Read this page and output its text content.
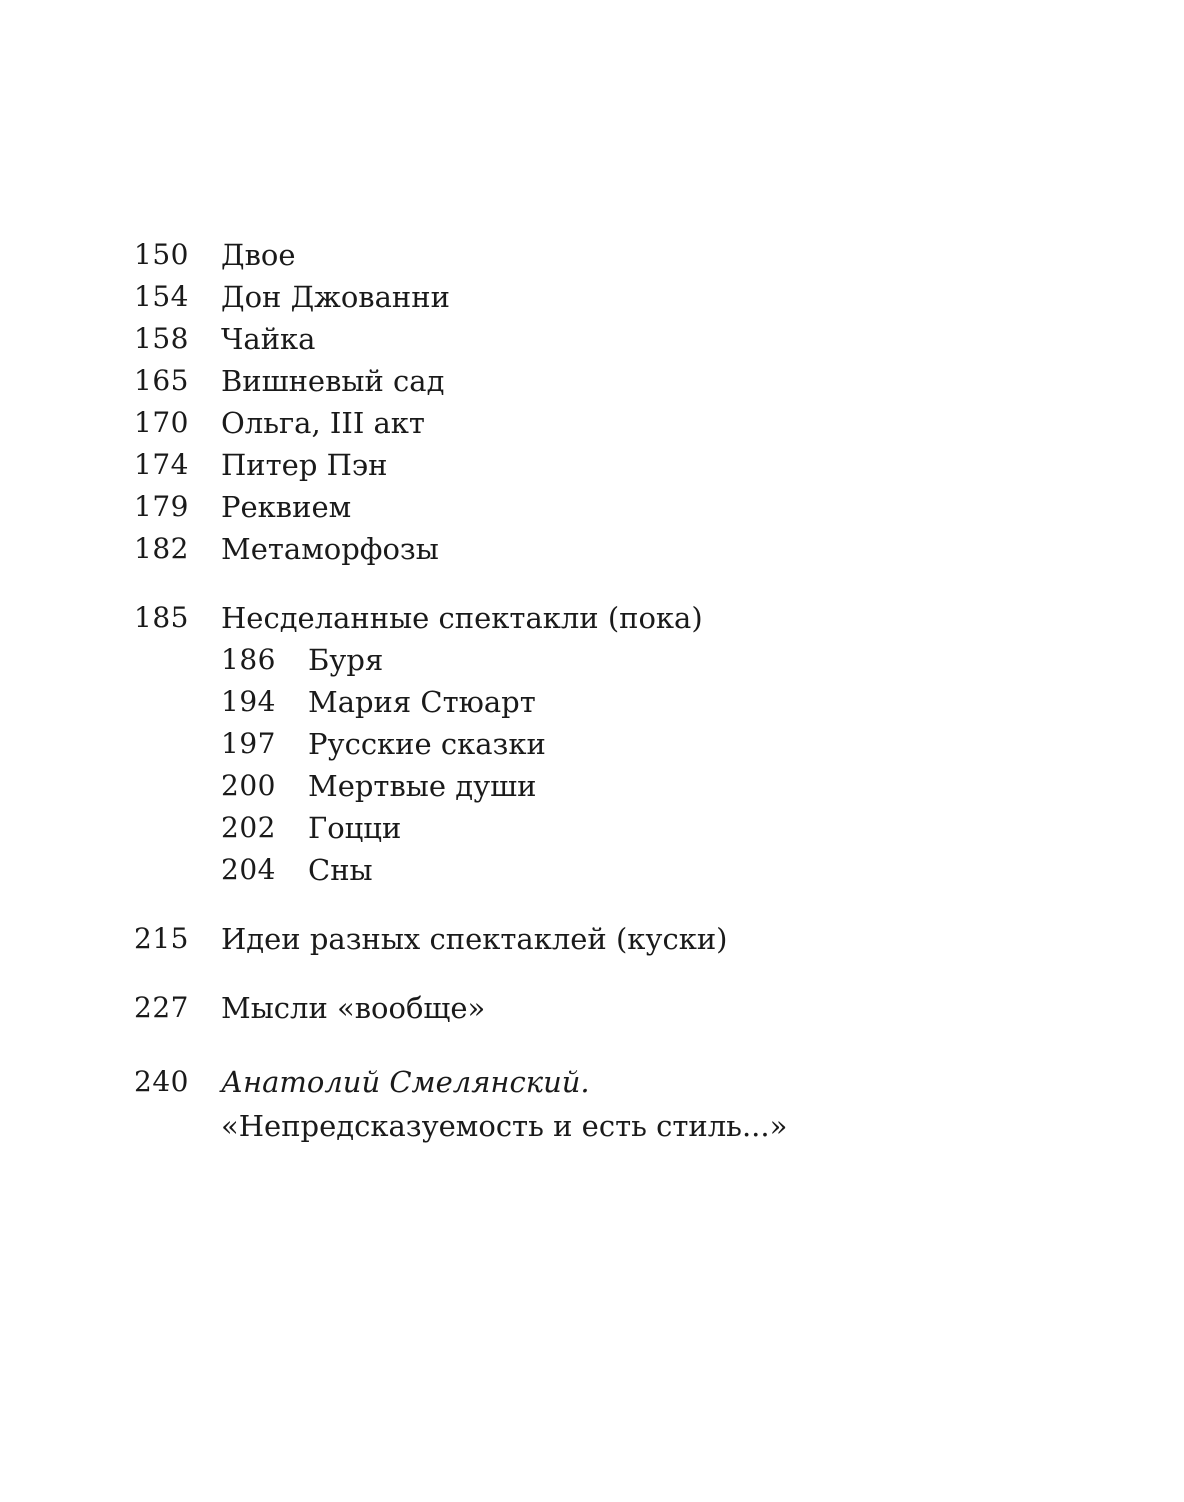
150 Двое
154 Дон Джованни
158 Чайка
165 Вишневый сад
170 Ольга, III акт
174 Питер Пэн
179 Реквием
182 Метаморфозы
185 Несделанные спектакли (пока)
186 Буря
194 Мария Стюарт
197 Русские сказки
200 Мертвые души
202 Гоцци
204 Сны
215 Идеи разных спектаклей (куски)
227 Мысли «вообще»
240 Анатолий Смелянский.
«Непредсказуемость и есть стиль...»
